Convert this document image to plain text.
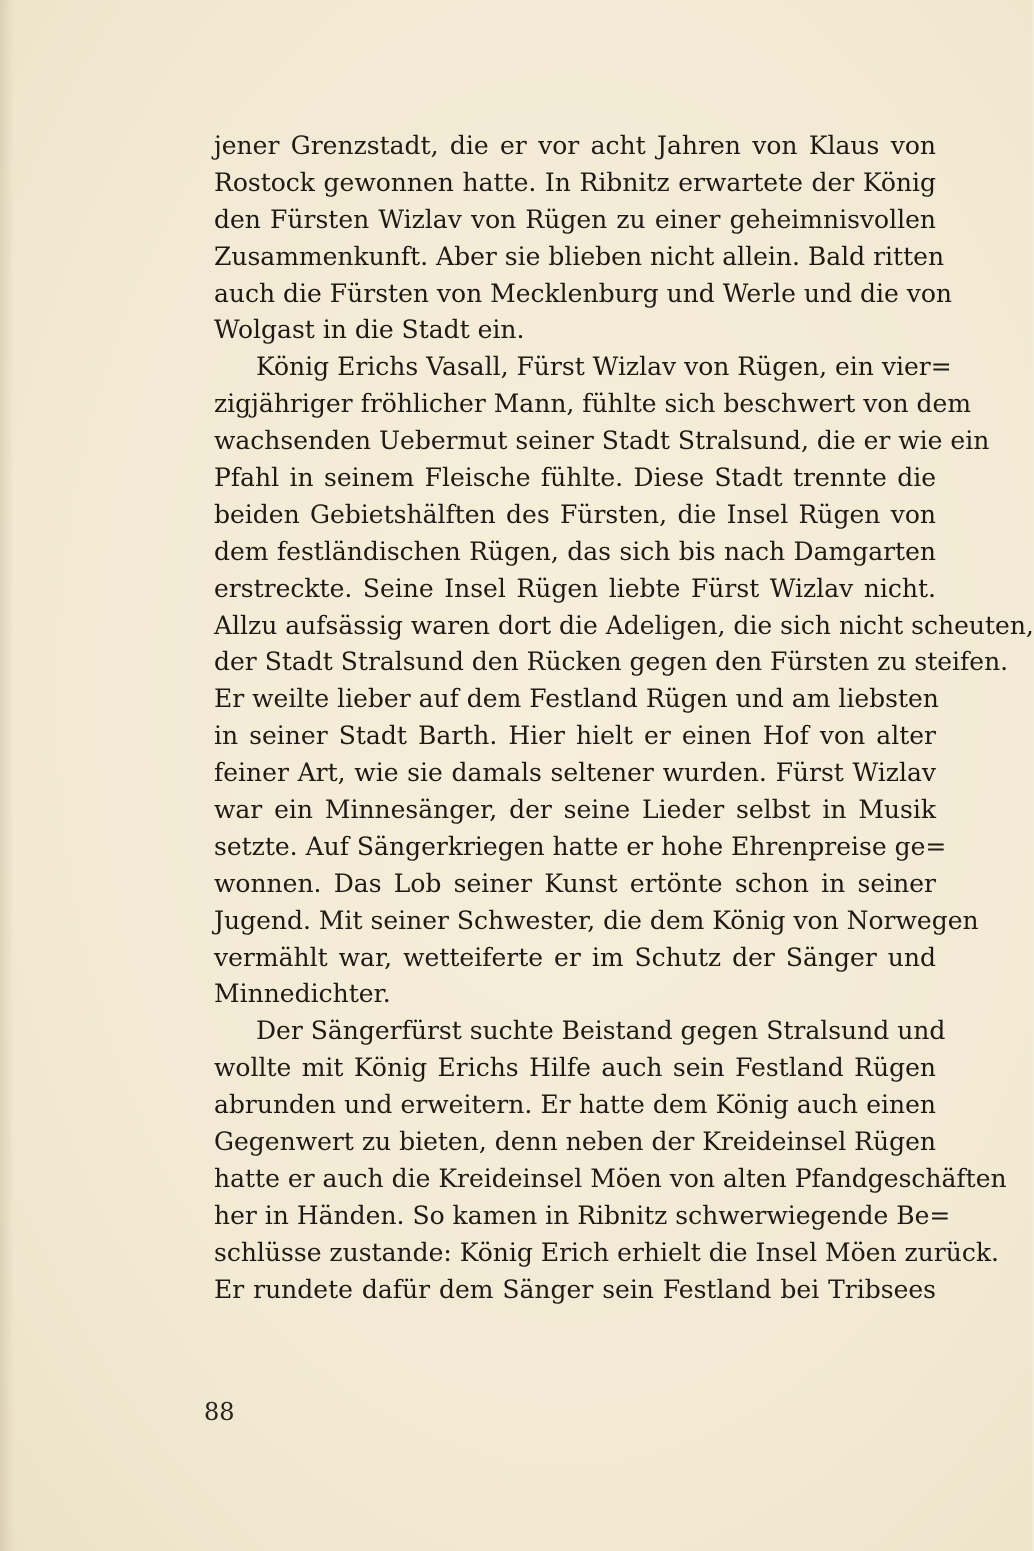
jener Grenzstadt, die er vor acht Jahren von Klaus von
Rostock gewonnen hatte. In Ribnitz erwartete der König
den Fürsten Wizlav von Rügen zu einer geheimnisvollen
Zusammenkunft. Aber sie blieben nicht allein. Bald ritten
auch die Fürsten von Mecklenburg und Werle und die von
Wolgast in die Stadt ein.
König Erichs Vasall, Fürst Wizlav von Rügen, ein vier=
zigjähriger fröhlicher Mann, fühlte sich beschwert von dem
wachsenden Uebermut seiner Stadt Stralsund, die er wie ein
Pfahl in seinem Fleische fühlte. Diese Stadt trennte die
beiden Gebietshälften des Fürsten, die Insel Rügen von
dem festländischen Rügen, das sich bis nach Damgarten
erstreckte. Seine Insel Rügen liebte Fürst Wizlav nicht.
Allzu aufsässig waren dort die Adeligen, die sich nicht scheuten,
der Stadt Stralsund den Rücken gegen den Fürsten zu steifen.
Er weilte lieber auf dem Festland Rügen und am liebsten
in seiner Stadt Barth. Hier hielt er einen Hof von alter
feiner Art, wie sie damals seltener wurden. Fürst Wizlav
war ein Minnesänger, der seine Lieder selbst in Musik
setzte. Auf Sängerkriegen hatte er hohe Ehrenpreise ge=
wonnen. Das Lob seiner Kunst ertönte schon in seiner
Jugend. Mit seiner Schwester, die dem König von Norwegen
vermählt war, wetteiferte er im Schutz der Sänger und
Minnedichter.
Der Sängerfürst suchte Beistand gegen Stralsund und
wollte mit König Erichs Hilfe auch sein Festland Rügen
abrunden und erweitern. Er hatte dem König auch einen
Gegenwert zu bieten, denn neben der Kreideinsel Rügen
hatte er auch die Kreideinsel Möen von alten Pfandgeschäften
her in Händen. So kamen in Ribnitz schwerwiegende Be=
schlüsse zustande: König Erich erhielt die Insel Möen zurück.
Er rundete dafür dem Sänger sein Festland bei Tribsees
88
